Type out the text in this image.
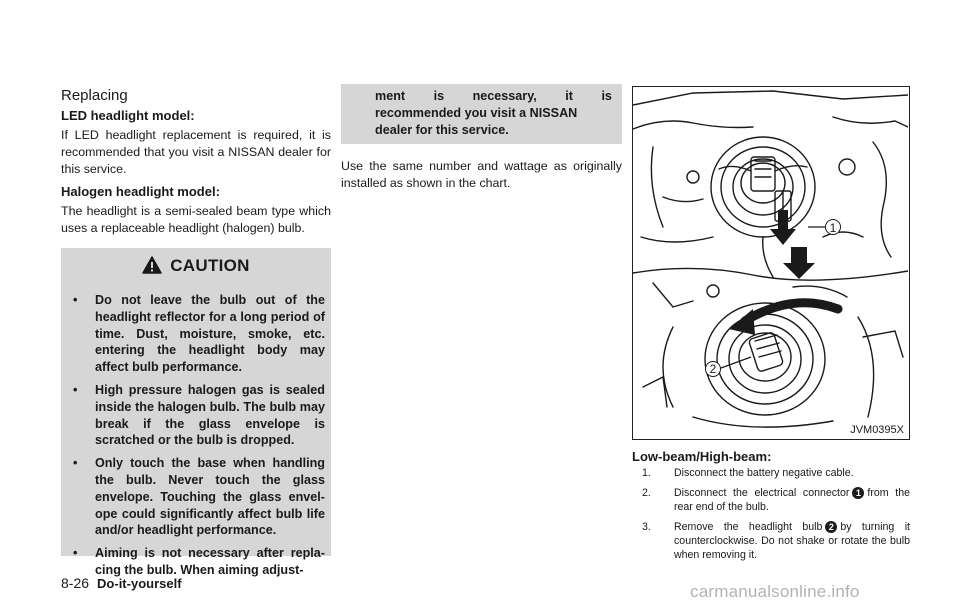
Replacing

LED headlight model:

If LED headlight replacement is required, it is recommended that you visit a NISSAN dealer for this service.

Halogen headlight model:

The headlight is a semi-sealed beam type which uses a replaceable headlight (halogen) bulb.

CAUTION
• Do not leave the bulb out of the headlight reflector for a long period of time. Dust, moisture, smoke, etc. entering the headlight body may affect bulb performance.
• High pressure halogen gas is sealed inside the halogen bulb. The bulb may break if the glass envelope is scratched or the bulb is dropped.
• Only touch the base when handling the bulb. Never touch the glass envelope. Touching the glass envel- ope could significantly affect bulb life and/or headlight performance.
• Aiming is not necessary after repla- cing the bulb. When aiming adjust-
ment is necessary, it is
recommended you visit a NISSAN dealer for this service.

Use the same number and wattage as originally installed as shown in the chart.

1
2
JVM0395X

Low-beam/High-beam:

1. Disconnect the battery negative cable.
2. Disconnect the electrical connector 1 from the rear end of the bulb.
3. Remove the headlight bulb 2 by turning it counterclockwise. Do not shake or rotate the bulb when removing it.
8-26 Do-it-yourself	carmanualsonline.info
